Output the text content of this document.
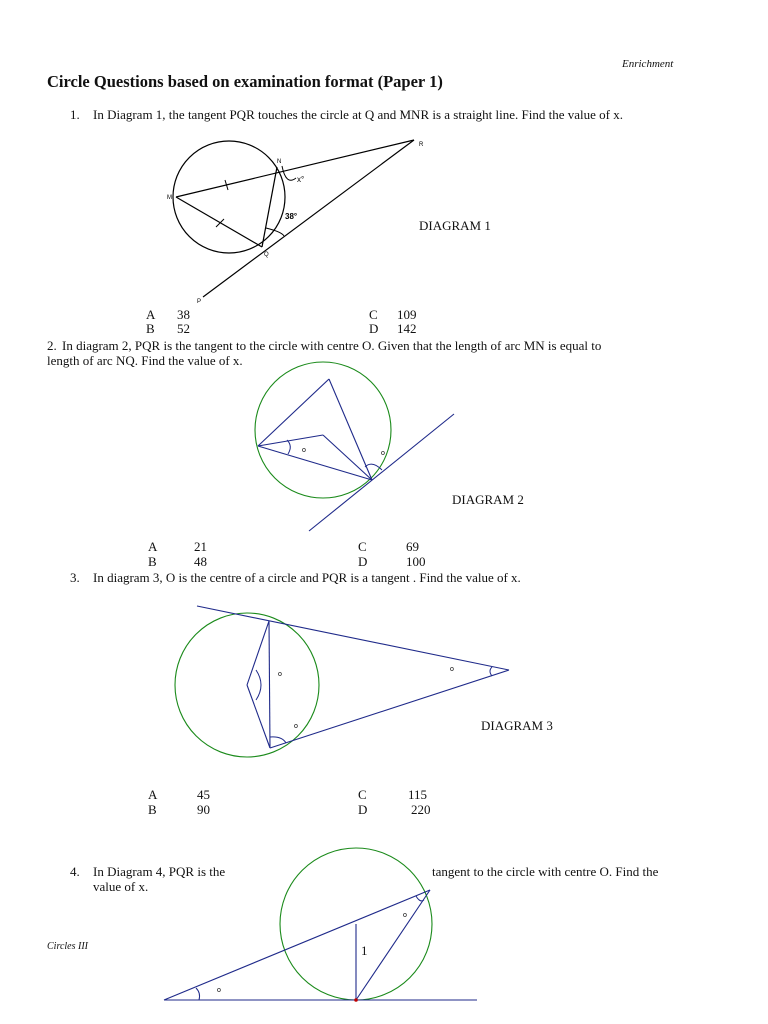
Enrichment
Circle Questions based on examination format (Paper 1)
1. In Diagram 1, the tangent PQR touches the circle at Q and MNR is a straight line. Find the value of x.
R
N
M
Q
P
x°
38°
DIAGRAM 1
A 38
B 52
C 109
D 142
2. In diagram 2, PQR is the tangent to the circle with centre O. Given that the length of arc MN is equal to
length of arc NQ. Find the value of x.
o	o
DIAGRAM 2
A	21
B	48
C	69
D	100
3. In diagram 3, O is the centre of a circle and PQR is a tangent . Find the value of x.
o
o
o
DIAGRAM 3
A	45
B	90
C	115
D	220
4. In Diagram 4, PQR is the	tangent to the circle with centre O. Find the
value of x.
o
o
1
Circles III
